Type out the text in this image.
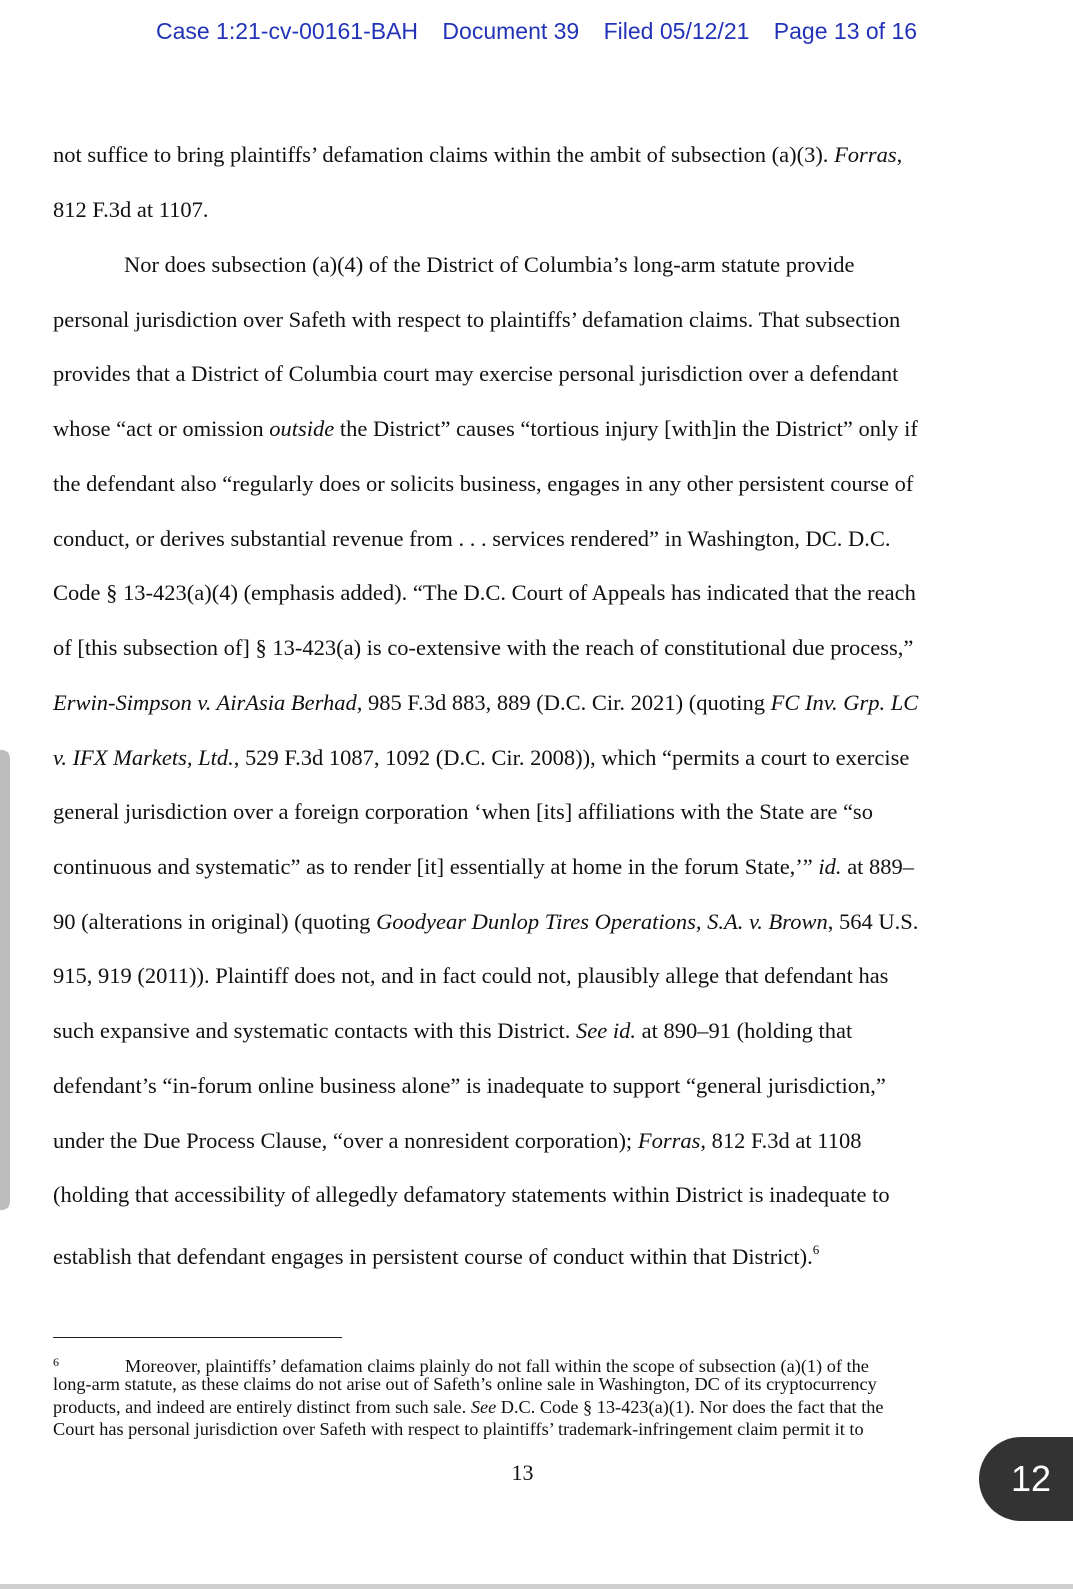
Case 1:21-cv-00161-BAH Document 39 Filed 05/12/21 Page 13 of 16
not suffice to bring plaintiffs’ defamation claims within the ambit of subsection (a)(3). Forras,
812 F.3d at 1107.
Nor does subsection (a)(4) of the District of Columbia’s long-arm statute provide
personal jurisdiction over Safeth with respect to plaintiffs’ defamation claims. That subsection
provides that a District of Columbia court may exercise personal jurisdiction over a defendant
whose “act or omission outside the District” causes “tortious injury [with]in the District” only if
the defendant also “regularly does or solicits business, engages in any other persistent course of
conduct, or derives substantial revenue from . . . services rendered” in Washington, DC. D.C.
Code § 13-423(a)(4) (emphasis added). “The D.C. Court of Appeals has indicated that the reach
of [this subsection of] § 13-423(a) is co-extensive with the reach of constitutional due process,”
Erwin-Simpson v. AirAsia Berhad, 985 F.3d 883, 889 (D.C. Cir. 2021) (quoting FC Inv. Grp. LC
v. IFX Markets, Ltd., 529 F.3d 1087, 1092 (D.C. Cir. 2008)), which “permits a court to exercise
general jurisdiction over a foreign corporation ‘when [its] affiliations with the State are “so
continuous and systematic” as to render [it] essentially at home in the forum State,’” id. at 889–
90 (alterations in original) (quoting Goodyear Dunlop Tires Operations, S.A. v. Brown, 564 U.S.
915, 919 (2011)). Plaintiff does not, and in fact could not, plausibly allege that defendant has
such expansive and systematic contacts with this District. See id. at 890–91 (holding that
defendant’s “in-forum online business alone” is inadequate to support “general jurisdiction,”
under the Due Process Clause, “over a nonresident corporation); Forras, 812 F.3d at 1108
(holding that accessibility of allegedly defamatory statements within District is inadequate to
establish that defendant engages in persistent course of conduct within that District).$^6$
6	Moreover, plaintiffs’ defamation claims plainly do not fall within the scope of subsection (a)(1) of the
long-arm statute, as these claims do not arise out of Safeth’s online sale in Washington, DC of its cryptocurrency
products, and indeed are entirely distinct from such sale. See D.C. Code § 13-423(a)(1). Nor does the fact that the
Court has personal jurisdiction over Safeth with respect to plaintiffs’ trademark-infringement claim permit it to
13	12
